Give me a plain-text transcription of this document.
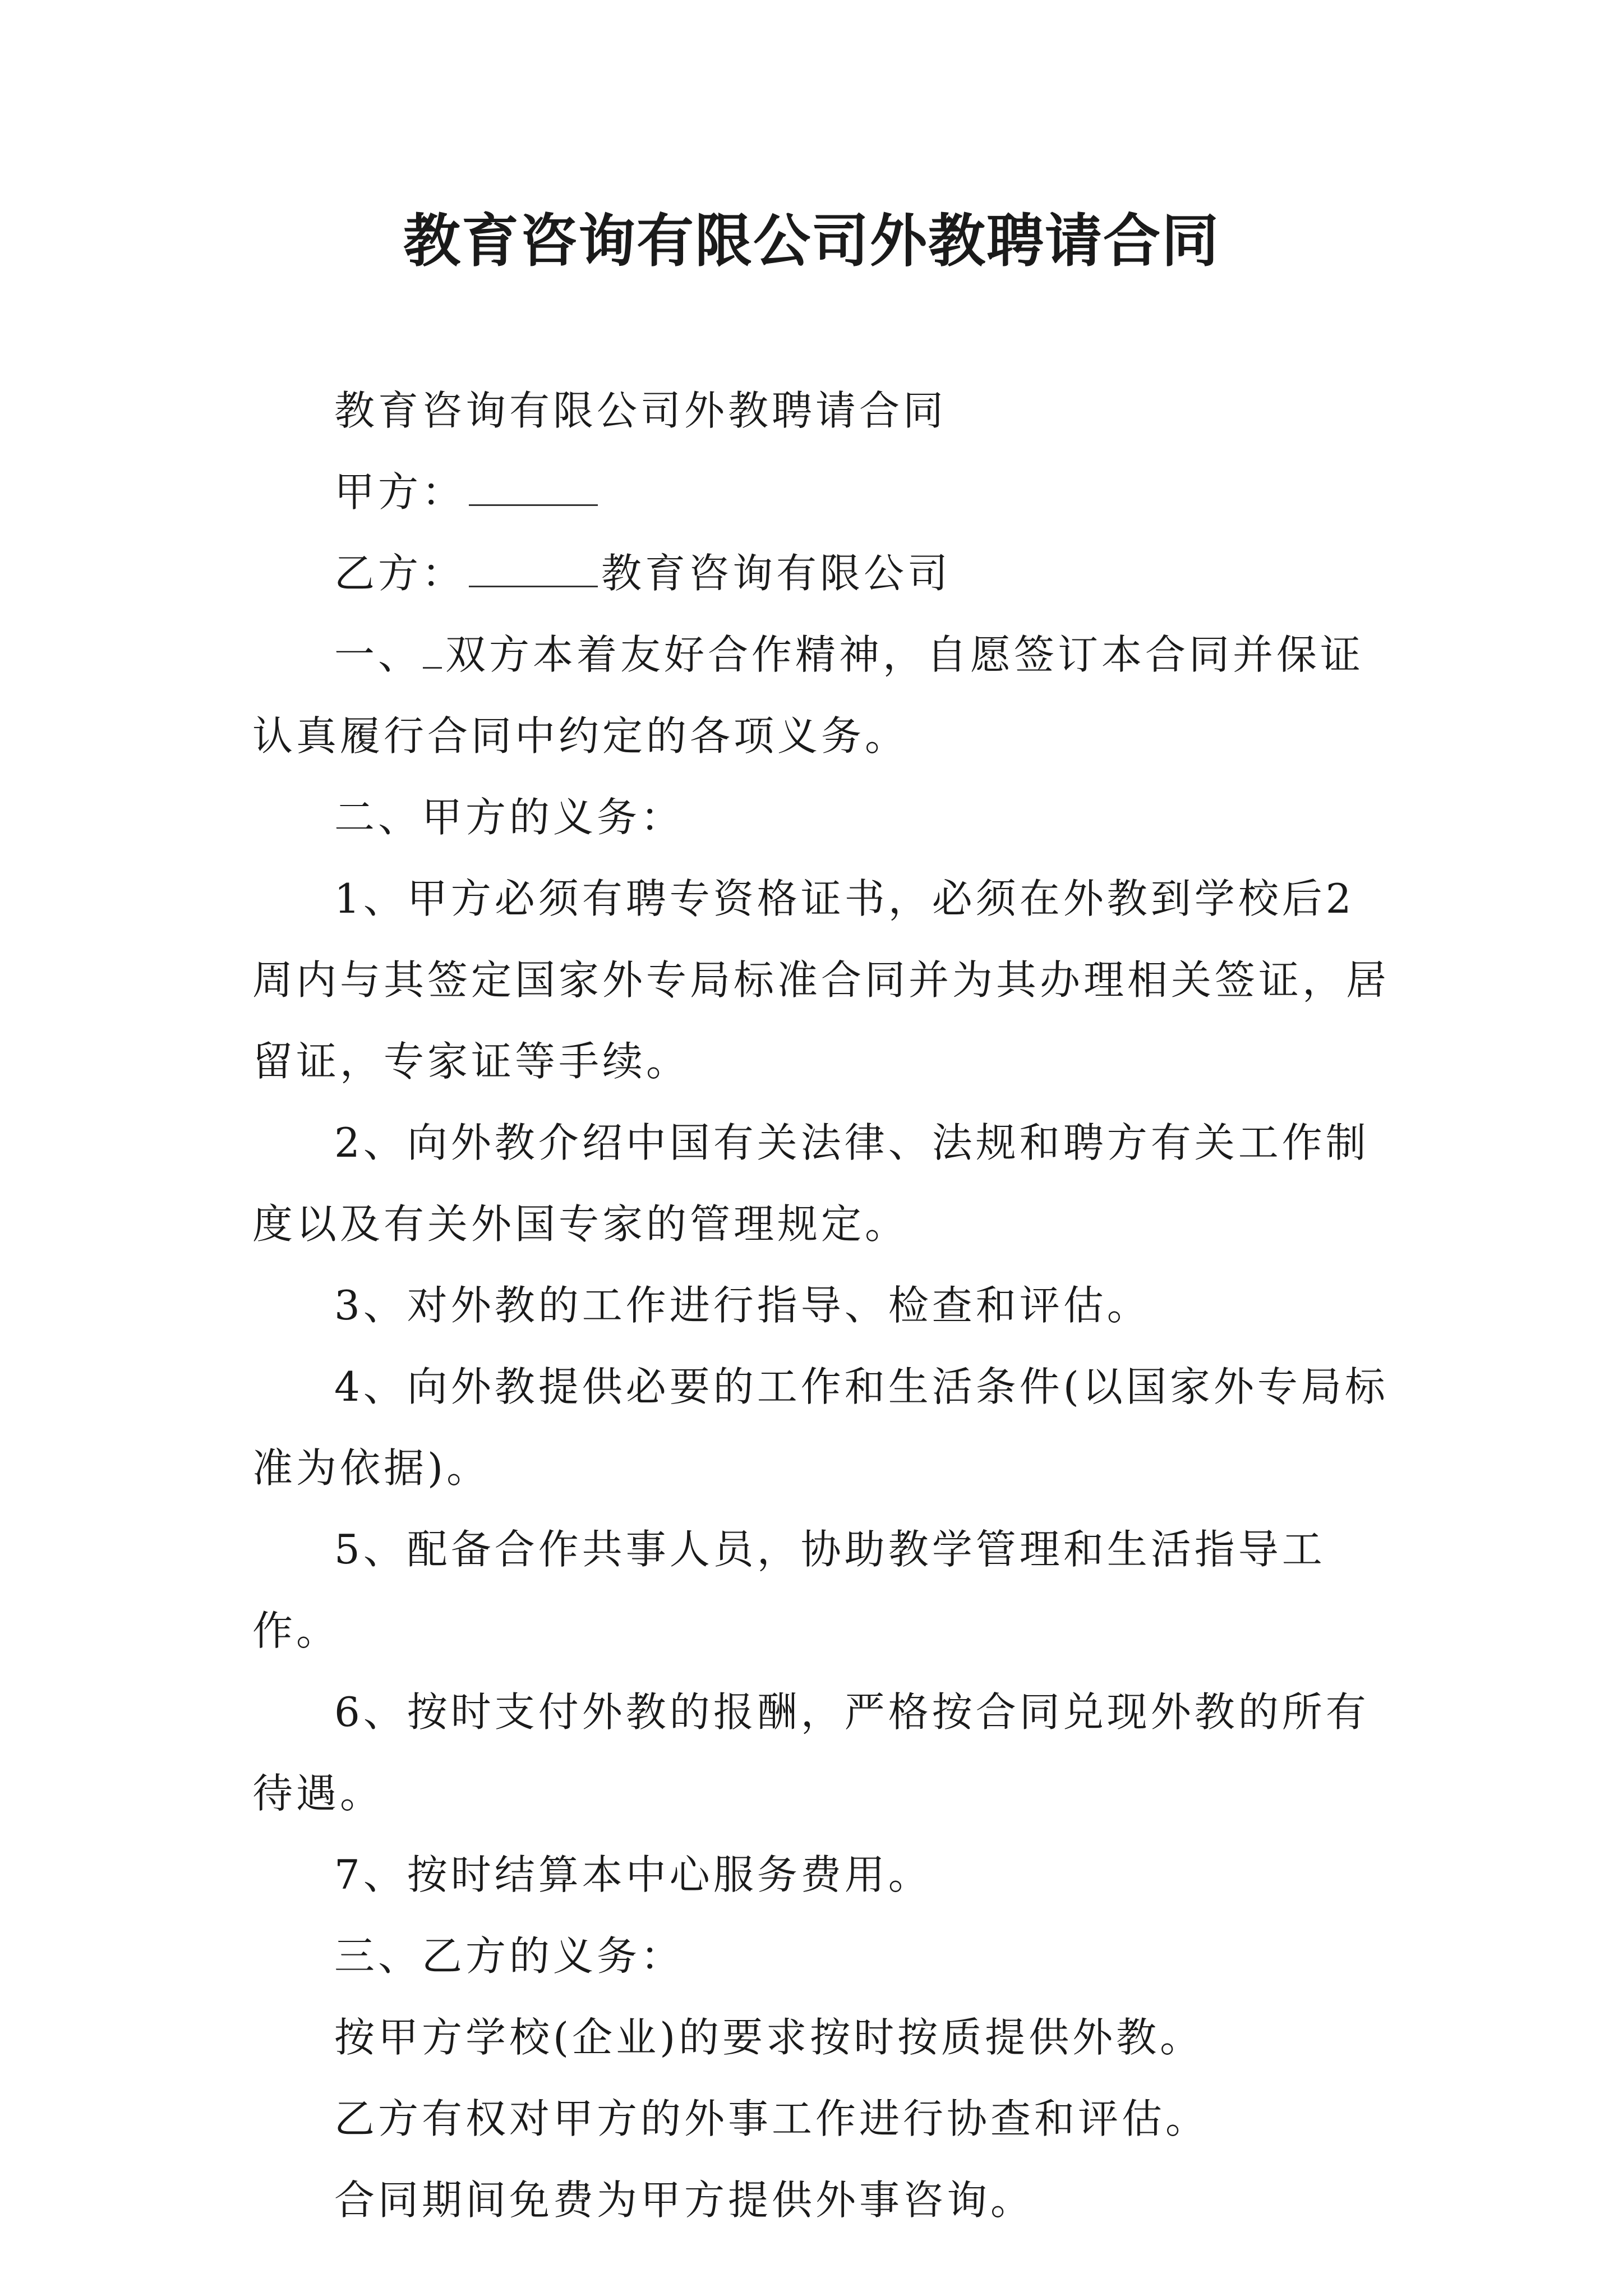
教育咨询有限公司外教聘请合同

教育咨询有限公司外教聘请合同

甲方：

乙方：	教育咨询有限公司

一、 双方本着友好合作精神，自愿签订本合同并保证认真履行合同中约定的各项义务。

二、甲方的义务：

1、甲方必须有聘专资格证书，必须在外教到学校后2周内与其签定国家外专局标准合同并为其办理相关签证，居留证，专家证等手续。

2、向外教介绍中国有关法律、法规和聘方有关工作制度以及有关外国专家的管理规定。

3、对外教的工作进行指导、检查和评估。

4、向外教提供必要的工作和生活条件(以国家外专局标准为依据)。

5、配备合作共事人员，协助教学管理和生活指导工作。

6、按时支付外教的报酬，严格按合同兑现外教的所有待遇。

7、按时结算本中心服务费用。

三、乙方的义务：

按甲方学校(企业)的要求按时按质提供外教。

乙方有权对甲方的外事工作进行协查和评估。

合同期间免费为甲方提供外事咨询。
